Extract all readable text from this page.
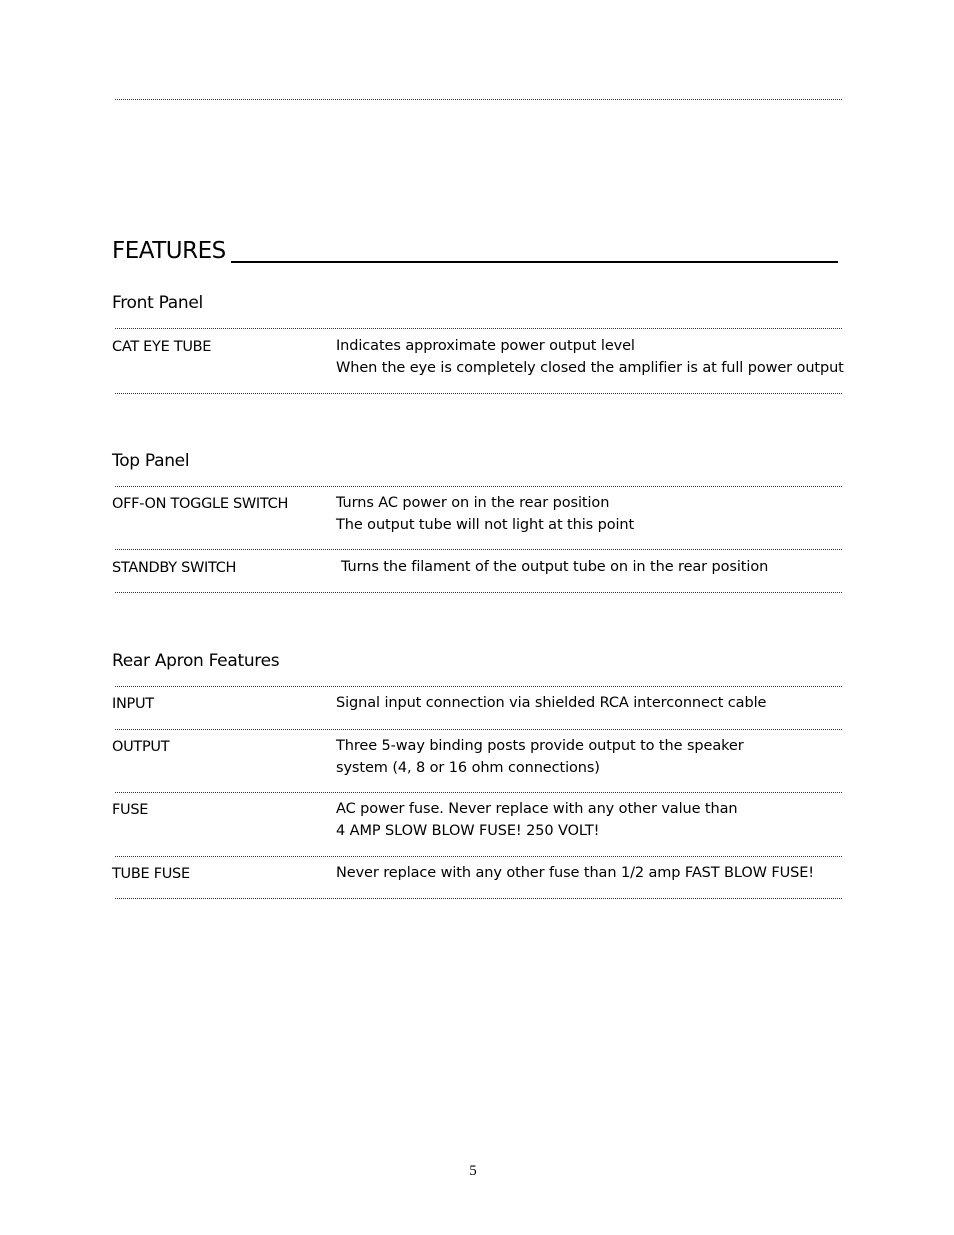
FEATURES
Front Panel
CAT EYE TUBE	Indicates approximate power output level
When the eye is completely closed the amplifier is at full power output
Top Panel
OFF-ON TOGGLE SWITCH	Turns AC power on in the rear position
The output tube will not light at this point
STANDBY SWITCH	Turns the filament of the output tube on in the rear position
Rear Apron Features
INPUT	Signal input connection via shielded RCA interconnect cable
OUTPUT	Three 5-way binding posts provide output to the speaker
system (4, 8 or 16 ohm connections)
FUSE	AC power fuse. Never replace with any other value than
4 AMP SLOW BLOW FUSE! 250 VOLT!
TUBE FUSE	Never replace with any other fuse than 1/2 amp FAST BLOW FUSE!
5
